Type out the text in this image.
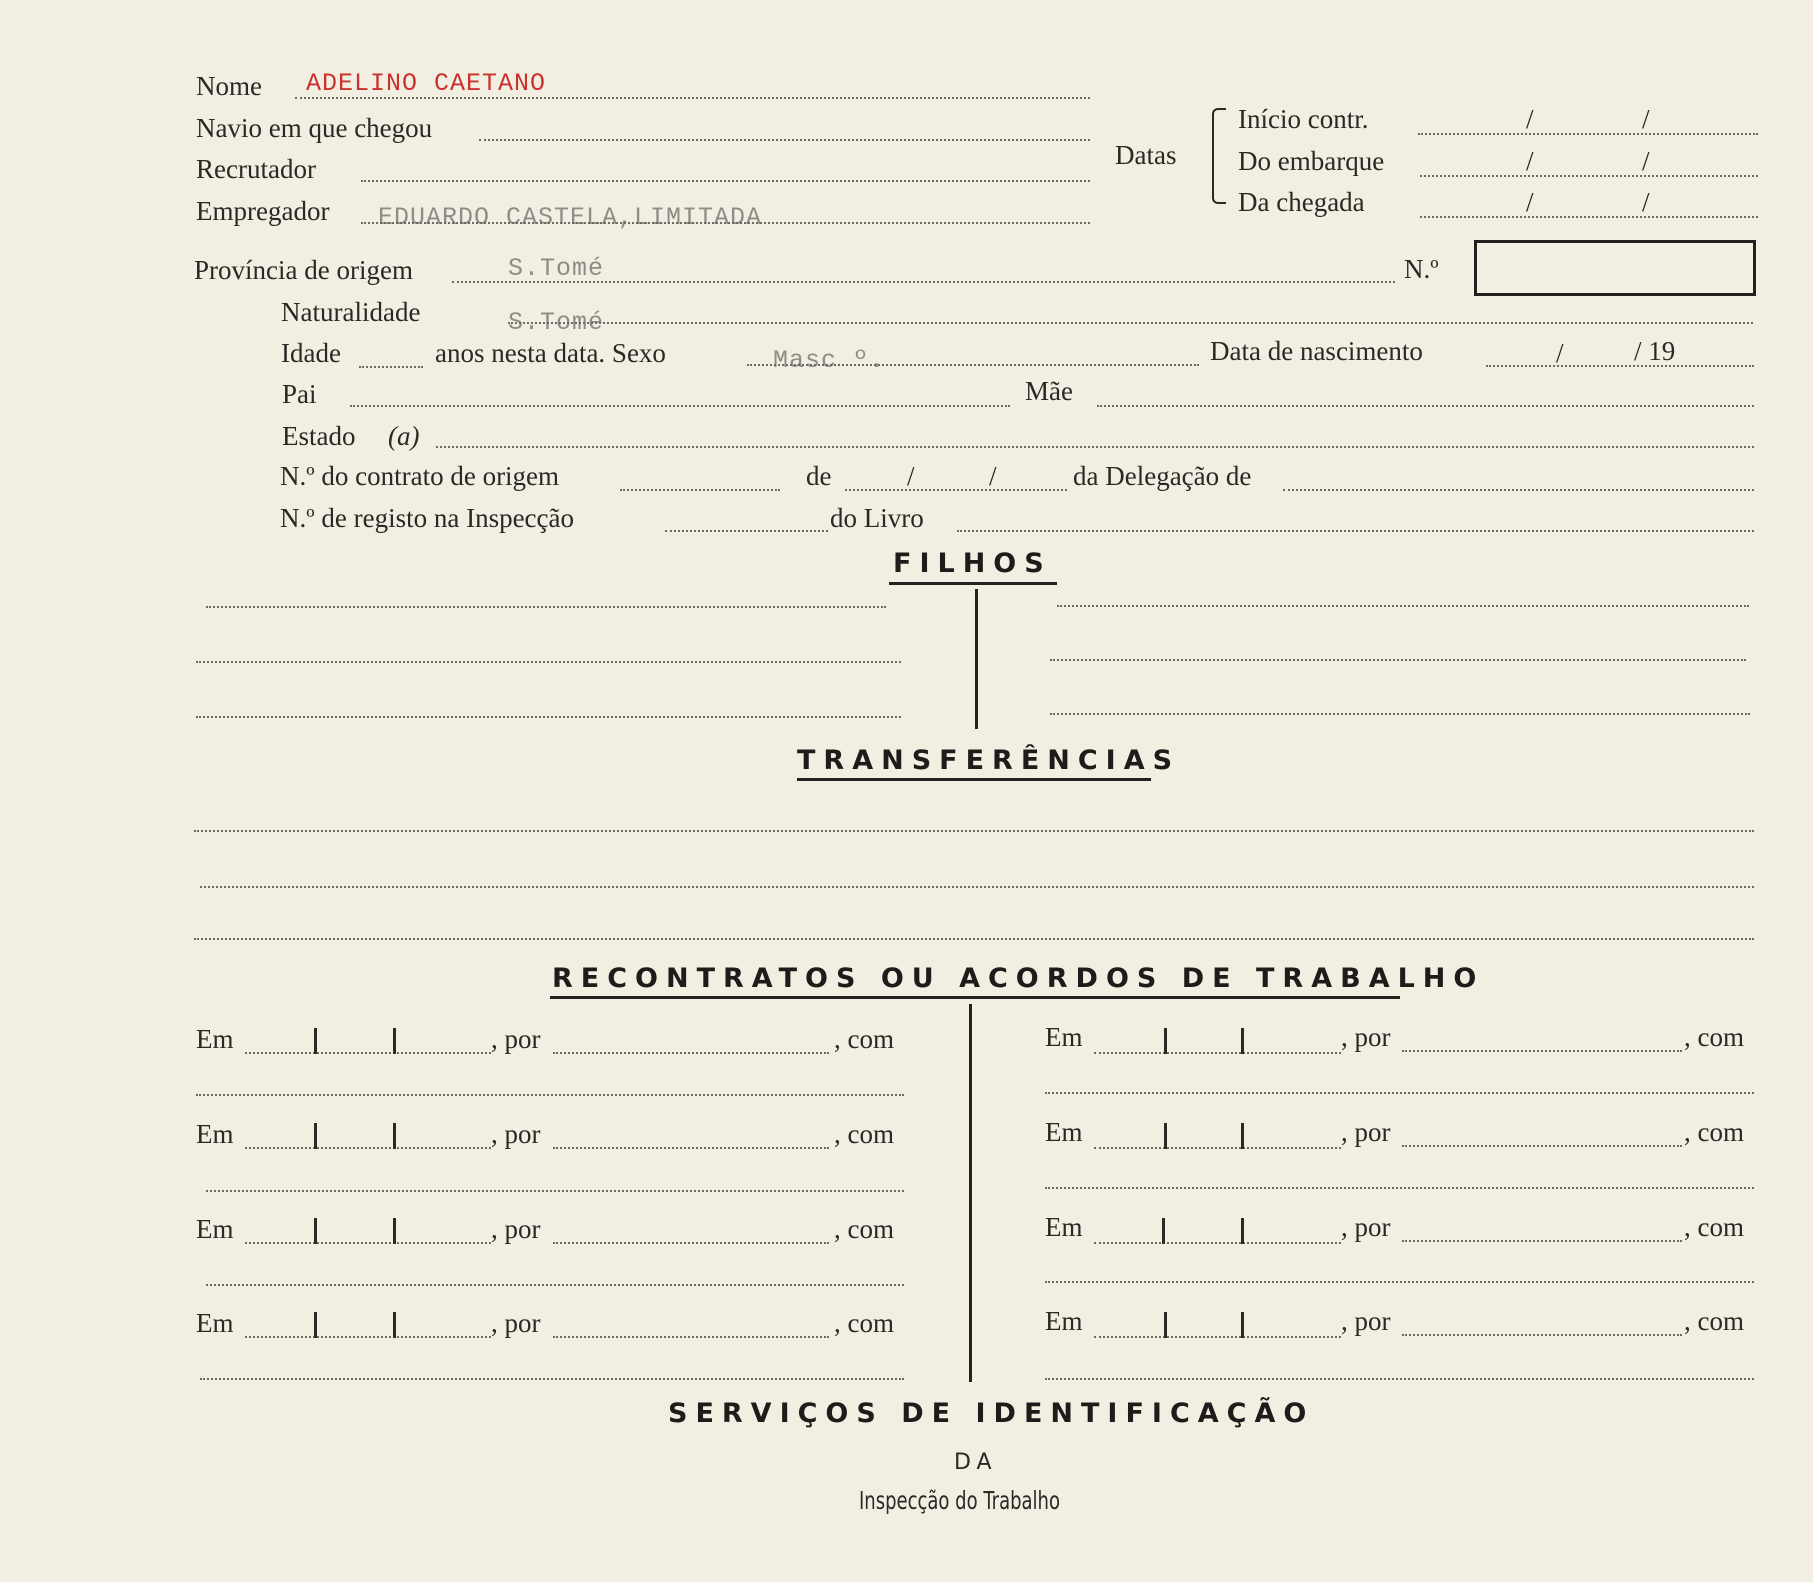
Nome ADELINO CAETANO
Navio em que chegou
Recrutador
Empregador EDUARDO CASTELA,LIMITADA
Datas
Início contr.	/	/
Do embarque	/	/
Da chegada	/	/
Província de origem	S.Tomé	N.º
Naturalidade	S.Tomé
Idade	anos nesta data. Sexo	Masc º.	Data de nascimento	/	/ 19
Pai	Mãe
Estado (a)
N.º do contrato de origem	de	/	/	da Delegação de
N.º de registo na Inspecção	do Livro
FILHOS
TRANSFERÊNCIAS
RECONTRATOS OU ACORDOS DE TRABALHO
Em	, por	, com
Em	, por	, com
Em	, por	, com
Em	, por	, com
Em	, por	, com
Em	, por	, com
Em	, por	, com
Em	, por	, com
SERVIÇOS DE IDENTIFICAÇÃO
DA
Inspecção do Trabalho
